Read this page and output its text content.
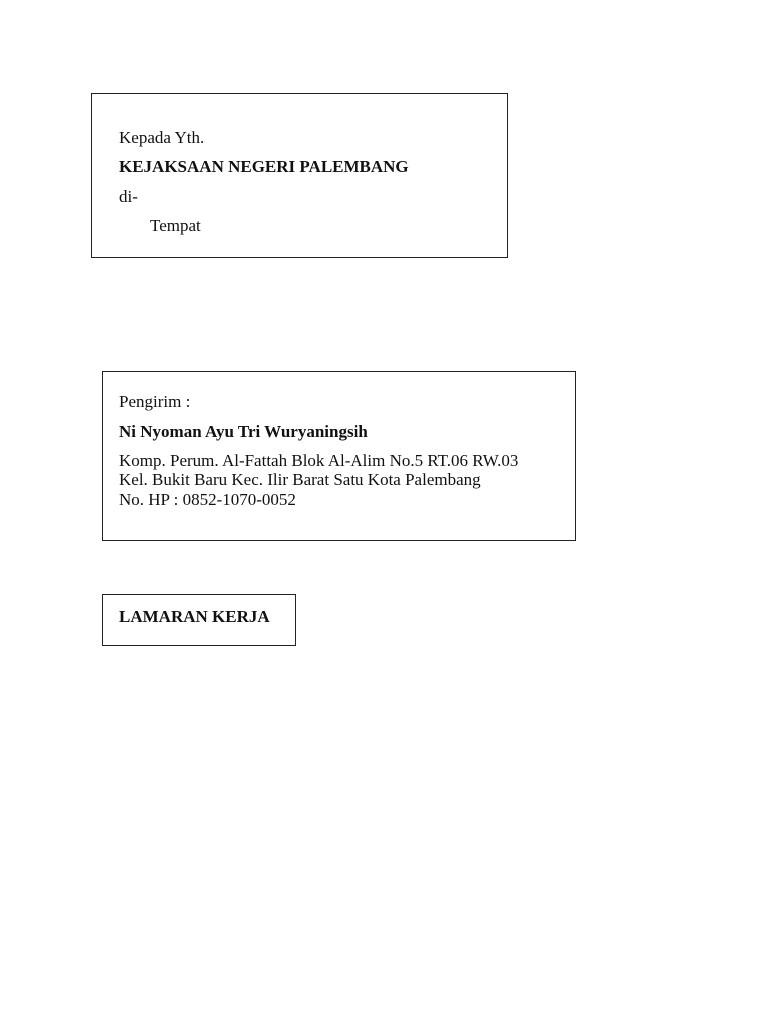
Kepada Yth.
KEJAKSAAN NEGERI PALEMBANG
di-
Tempat
Pengirim :
Ni Nyoman Ayu Tri Wuryaningsih
Komp. Perum. Al-Fattah Blok Al-Alim No.5 RT.06 RW.03
Kel. Bukit Baru Kec. Ilir Barat Satu Kota Palembang
No. HP : 0852-1070-0052
LAMARAN KERJA
